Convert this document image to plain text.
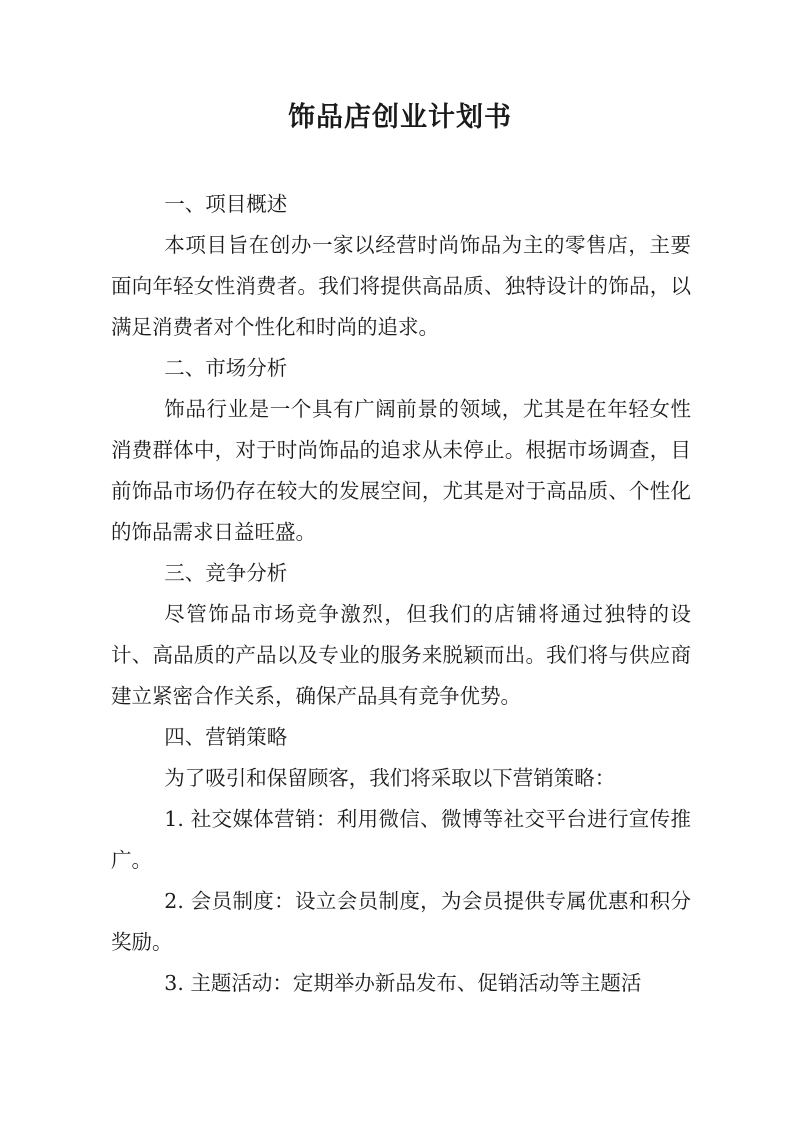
饰品店创业计划书

一、项目概述

本项目旨在创办一家以经营时尚饰品为主的零售店，主要面向年轻女性消费者。我们将提供高品质、独特设计的饰品，以满足消费者对个性化和时尚的追求。

二、市场分析

饰品行业是一个具有广阔前景的领域，尤其是在年轻女性消费群体中，对于时尚饰品的追求从未停止。根据市场调查，目前饰品市场仍存在较大的发展空间，尤其是对于高品质、个性化的饰品需求日益旺盛。

三、竞争分析

尽管饰品市场竞争激烈，但我们的店铺将通过独特的设计、高品质的产品以及专业的服务来脱颖而出。我们将与供应商建立紧密合作关系，确保产品具有竞争优势。

四、营销策略

为了吸引和保留顾客，我们将采取以下营销策略：

1. 社交媒体营销：利用微信、微博等社交平台进行宣传推广。

2. 会员制度：设立会员制度，为会员提供专属优惠和积分奖励。

3. 主题活动：定期举办新品发布、促销活动等主题活
